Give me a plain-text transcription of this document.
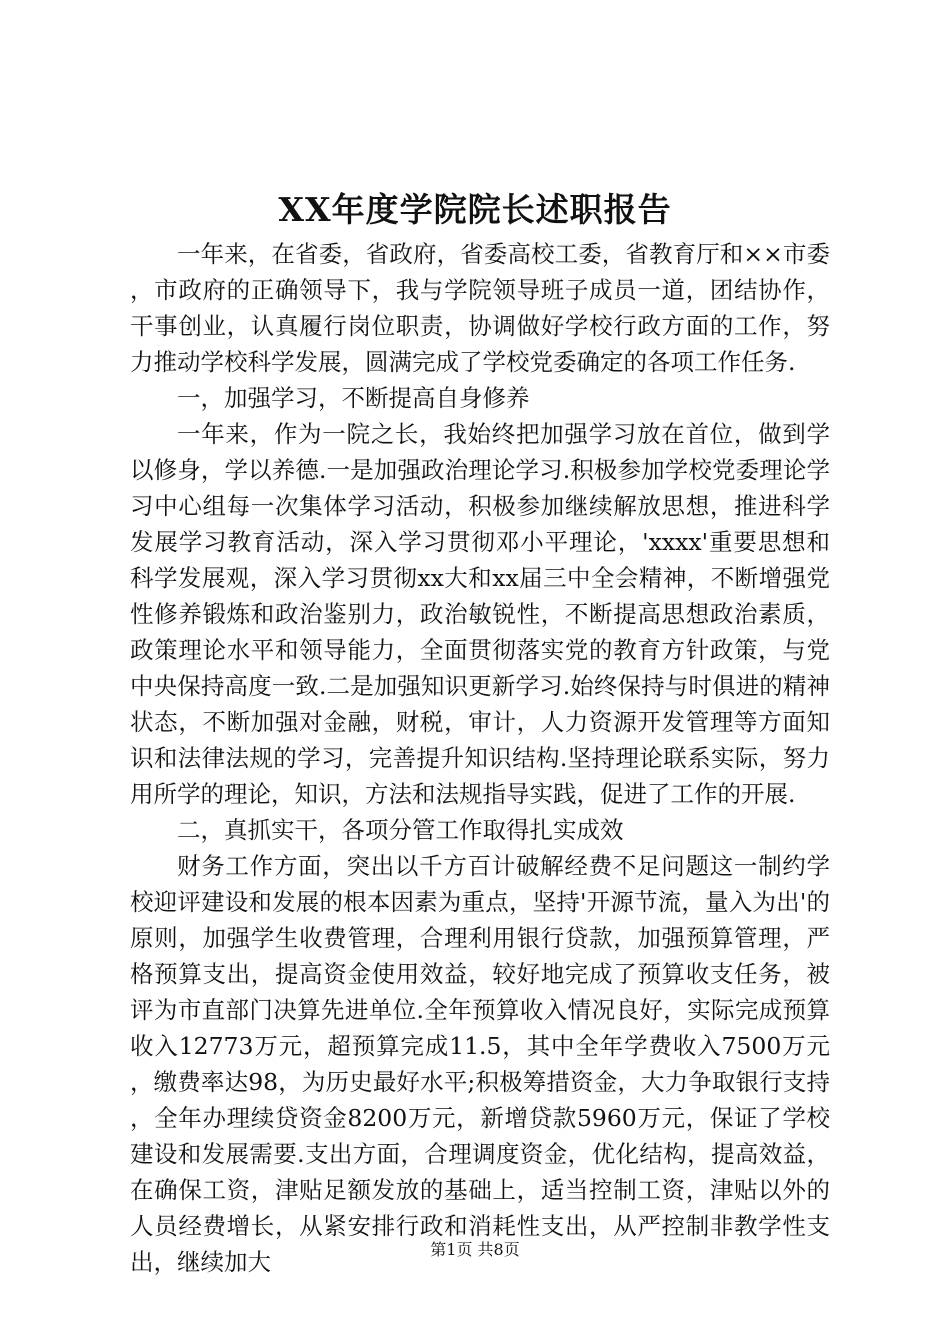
XX年度学院院长述职报告

一年来，在省委，省政府，省委高校工委，省教育厅和××市委，市政府的正确领导下，我与学院领导班子成员一道，团结协作，干事创业，认真履行岗位职责，协调做好学校行政方面的工作，努力推动学校科学发展，圆满完成了学校党委确定的各项工作任务.

一，加强学习，不断提高自身修养

一年来，作为一院之长，我始终把加强学习放在首位，做到学以修身，学以养德.一是加强政治理论学习.积极参加学校党委理论学习中心组每一次集体学习活动，积极参加继续解放思想，推进科学发展学习教育活动，深入学习贯彻邓小平理论，'xxxx'重要思想和科学发展观，深入学习贯彻xx大和xx届三中全会精神，不断增强党性修养锻炼和政治鉴别力，政治敏锐性，不断提高思想政治素质，政策理论水平和领导能力，全面贯彻落实党的教育方针政策，与党中央保持高度一致.二是加强知识更新学习.始终保持与时俱进的精神状态，不断加强对金融，财税，审计，人力资源开发管理等方面知识和法律法规的学习，完善提升知识结构.坚持理论联系实际，努力用所学的理论，知识，方法和法规指导实践，促进了工作的开展.

二，真抓实干，各项分管工作取得扎实成效

财务工作方面，突出以千方百计破解经费不足问题这一制约学校迎评建设和发展的根本因素为重点，坚持'开源节流，量入为出'的原则，加强学生收费管理，合理利用银行贷款，加强预算管理，严格预算支出，提高资金使用效益，较好地完成了预算收支任务，被评为市直部门决算先进单位.全年预算收入情况良好，实际完成预算收入12773万元，超预算完成11.5，其中全年学费收入7500万元，缴费率达98，为历史最好水平;积极筹措资金，大力争取银行支持，全年办理续贷资金8200万元，新增贷款5960万元，保证了学校建设和发展需要.支出方面，合理调度资金，优化结构，提高效益，在确保工资，津贴足额发放的基础上，适当控制工资，津贴以外的人员经费增长，从紧安排行政和消耗性支出，从严控制非教学性支出，继续加大	第1页 共8页
